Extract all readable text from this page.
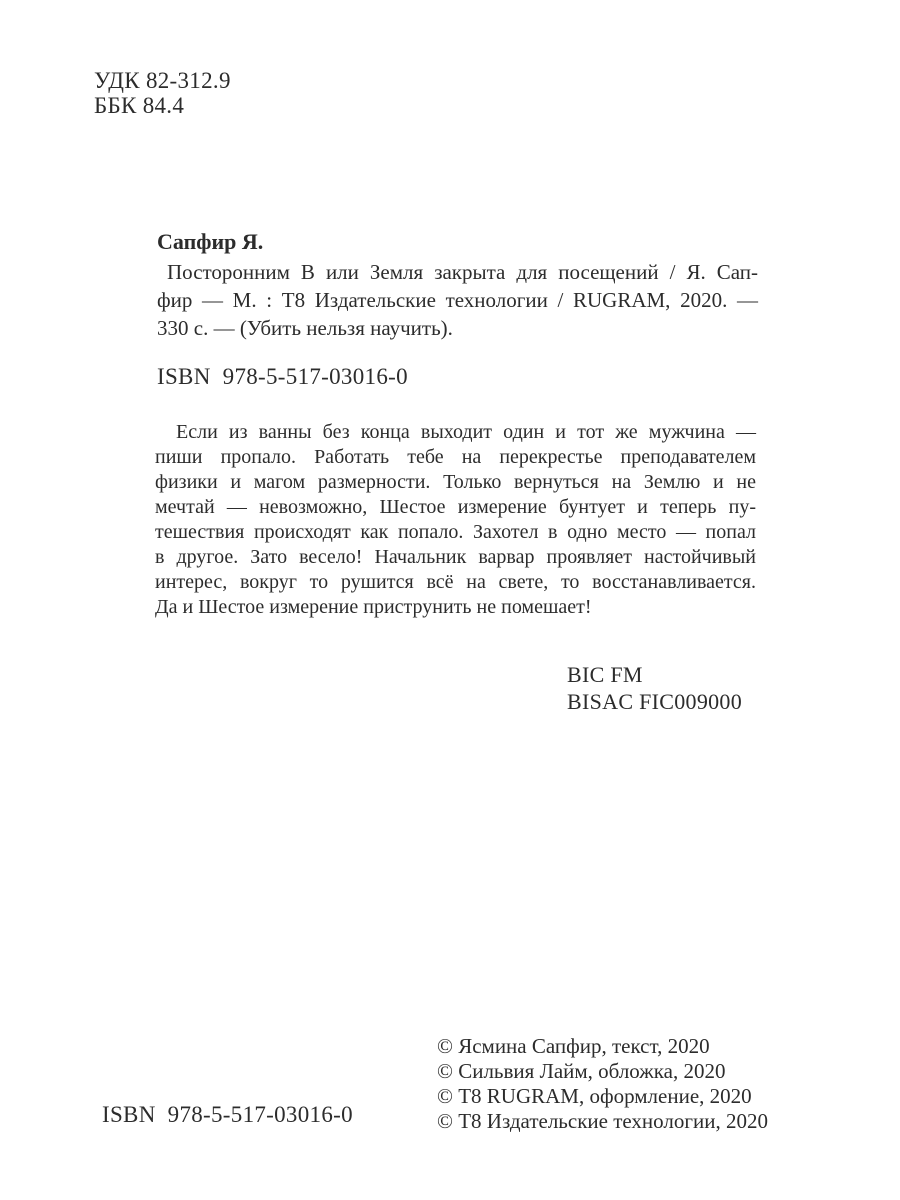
УДК 82-312.9
ББК 84.4
Сапфир Я.
Посторонним В или Земля закрыта для посещений / Я. Сап-
фир — М. : Т8 Издательские технологии / RUGRAM, 2020. —
330 с. — (Убить нельзя научить).
ISBN 978-5-517-03016-0
Если из ванны без конца выходит один и тот же мужчина —
пиши пропало. Работать тебе на перекрестье преподавателем
физики и магом размерности. Только вернуться на Землю и не
мечтай — невозможно, Шестое измерение бунтует и теперь пу-
тешествия происходят как попало. Захотел в одно место — попал
в другое. Зато весело! Начальник варвар проявляет настойчивый
интерес, вокруг то рушится всё на свете, то восстанавливается.
Да и Шестое измерение приструнить не помешает!
BIC FM
BISAC FIC009000
© Ясмина Сапфир, текст, 2020
© Сильвия Лайм, обложка, 2020
© Т8 RUGRAM, оформление, 2020
© Т8 Издательские технологии, 2020
ISBN 978-5-517-03016-0
